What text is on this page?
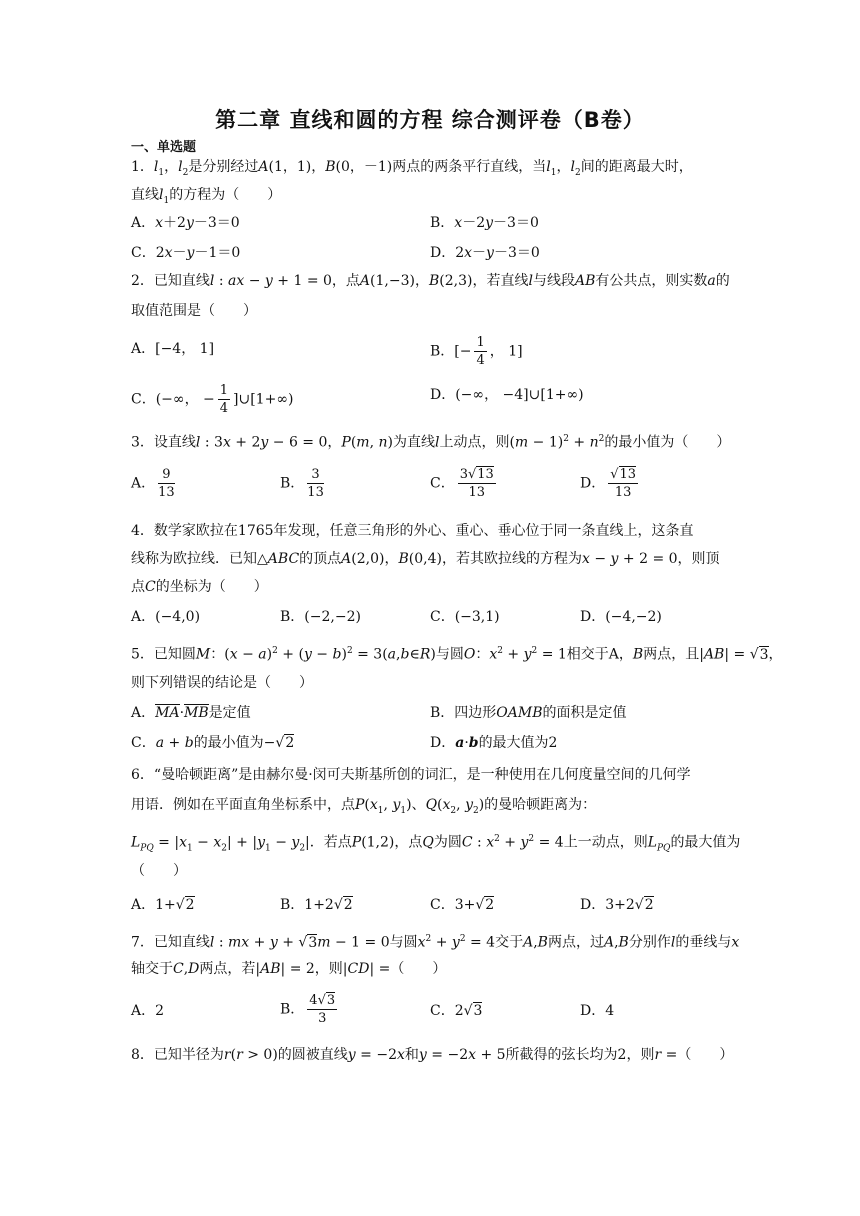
第二章 直线和圆的方程 综合测评卷（B卷）
一、单选题
1．$l_1$，$l_2$是分别经过A(1，1)，B(0，－1)两点的两条平行直线，当$l_1$，$l_2$间的距离最大时，
直线$l_1$的方程为（　　）
A．x＋2y－3＝0	B．x－2y－3＝0
C．2x－y－1＝0	D．2x－y－3＝0
2．已知直线l : ax − y + 1 = 0，点A(1,−3)，B(2,3)，若直线l与线段AB有公共点，则实数a的
取值范围是（　　）
A．[−4， 1]	B．[− $\frac{1}{4}$ ， 1]
C．(−∞， − $\frac{1}{4}$ ]∪[1+∞)	D．(−∞， −4]∪[1+∞)
3．设直线l : 3x + 2y − 6 = 0，P(m, n)为直线l上动点，则$(m - 1)^2 + n^2$的最小值为（　　）
A． $\frac{9}{13}$	B． $\frac{3}{13}$	C． $\frac{3√13}{13}$	D． $\frac{√13}{13}$
4．数学家欧拉在1765年发现，任意三角形的外心、重心、垂心位于同一条直线上，这条直
线称为欧拉线．已知△ABC的顶点A(2,0)，B(0,4)，若其欧拉线的方程为x − y + 2 = 0，则顶
点C的坐标为（　　）
A．(−4,0)	B．(−2,−2)	C．(−3,1)	D．(−4,−2)
5．已知圆M：$(x - a)^2 + (y - b)^2$ = 3(a,b∈R)与圆O：$x^2 + y^2 = 1$相交于A，B两点，且|AB| = √3，
则下列错误的结论是（　　）
A．MA·MB是定值	B．四边形OAMB的面积是定值
C．a + b的最小值为−√2	D．a·b的最大值为2
6．“曼哈顿距离”是由赫尔曼·闵可夫斯基所创的词汇，是一种使用在几何度量空间的几何学
用语．例如在平面直角坐标系中，点$P(x_1$, $y_1$)、$Q(x_2$, $y_2$)的曼哈顿距离为：
$L_{PQ} = |x_1 - x_2| + |y_1 - y_2|$．若点P(1,2)，点Q为圆C : $x^2 + y^2 = 4$上一动点，则$L_{PQ}$的最大值为
（　　）
A．1+√2	B．1+2√2	C．3+√2	D．3+2√2
7．已知直线l : mx + y + √3m − 1 = 0与圆$x^2 + y^2 = 4$交于A,B两点，过A,B分别作l的垂线与x
轴交于C,D两点，若|AB| = 2，则|CD| =（　　）
A．2	B． $\frac{4√3}{3}$	C．2√3	D．4
8．已知半径为r(r > 0)的圆被直线y = −2x和y = −2x + 5所截得的弦长均为2，则r =（　　）
